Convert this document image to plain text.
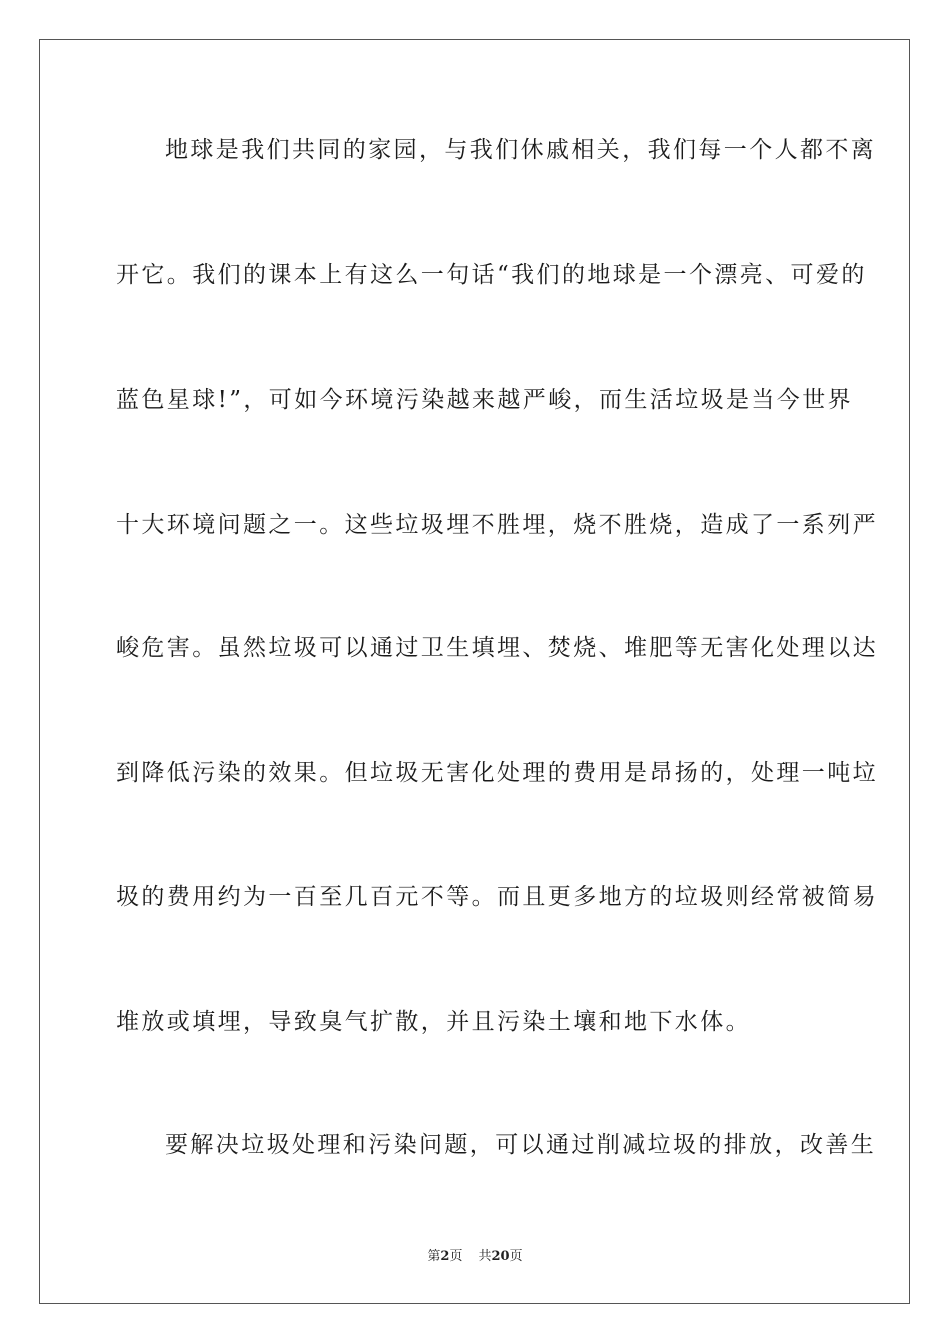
地球是我们共同的家园，与我们休戚相关，我们每一个人都不离
开它。我们的课本上有这么一句话“我们的地球是一个漂亮、可爱的
蓝色星球!”，可如今环境污染越来越严峻，而生活垃圾是当今世界
十大环境问题之一。这些垃圾埋不胜埋，烧不胜烧，造成了一系列严
峻危害。虽然垃圾可以通过卫生填埋、焚烧、堆肥等无害化处理以达
到降低污染的效果。但垃圾无害化处理的费用是昂扬的，处理一吨垃
圾的费用约为一百至几百元不等。而且更多地方的垃圾则经常被简易
堆放或填埋，导致臭气扩散，并且污染土壤和地下水体。
要解决垃圾处理和污染问题，可以通过削减垃圾的排放，改善生
第2页 共20页
